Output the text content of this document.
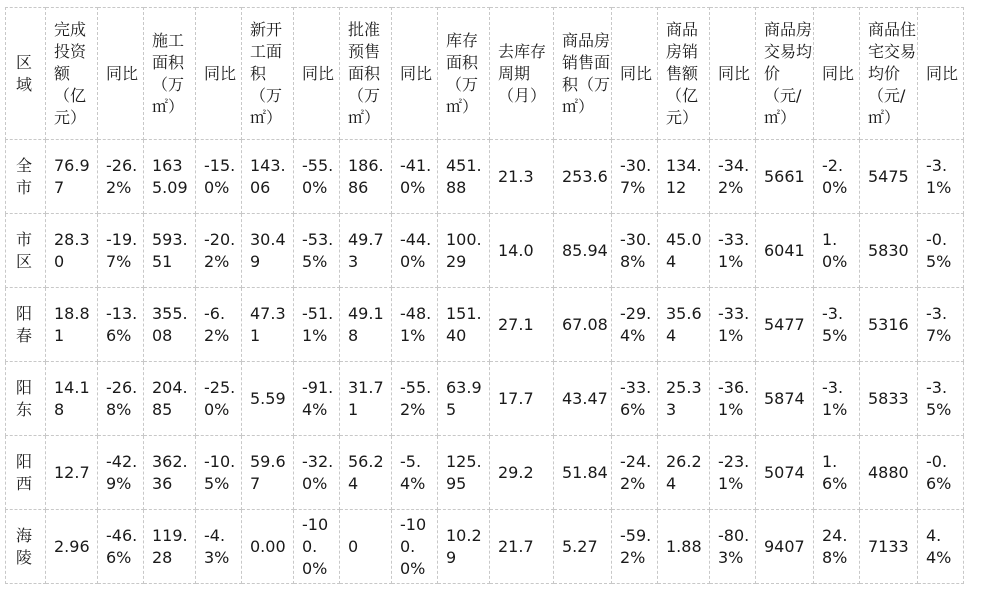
区域	完成投资额（亿元）	同比	施工面积（万㎡）	同比	新开工面积（万㎡）	同比	批准预售面积（万㎡）	同比	库存面积（万㎡）	去库存周期（月）	商品房销售面积（万㎡）	同比	商品房销售额（亿元）	同比	商品房交易均价（元/㎡）	同比	商品住宅交易均价（元/㎡）	同比
全市	76.97	-26.2%	1635.09	-15.0%	143.06	-55.0%	186.86	-41.0%	451.88	21.3	253.6	-30.7%	134.12	-34.2%	5661	-2.0%	5475	-3.1%
市区	28.30	-19.7%	593.51	-20.2%	30.49	-53.5%	49.73	-44.0%	100.29	14.0	85.94	-30.8%	45.04	-33.1%	6041	1.0%	5830	-0.5%
阳春	18.81	-13.6%	355.08	-6.2%	47.31	-51.1%	49.18	-48.1%	151.40	27.1	67.08	-29.4%	35.64	-33.1%	5477	-3.5%	5316	-3.7%
阳东	14.18	-26.8%	204.85	-25.0%	5.59	-91.4%	31.71	-55.2%	63.95	17.7	43.47	-33.6%	25.33	-36.1%	5874	-3.1%	5833	-3.5%
阳西	12.7	-42.9%	362.36	-10.5%	59.67	-32.0%	56.24	-5.4%	125.95	29.2	51.84	-24.2%	26.24	-23.1%	5074	1.6%	4880	-0.6%
海陵	2.96	-46.6%	119.28	-4.3%	0.00	-100.0%	0	-100.0%	10.29	21.7	5.27	-59.2%	1.88	-80.3%	9407	24.8%	7133	4.4%
